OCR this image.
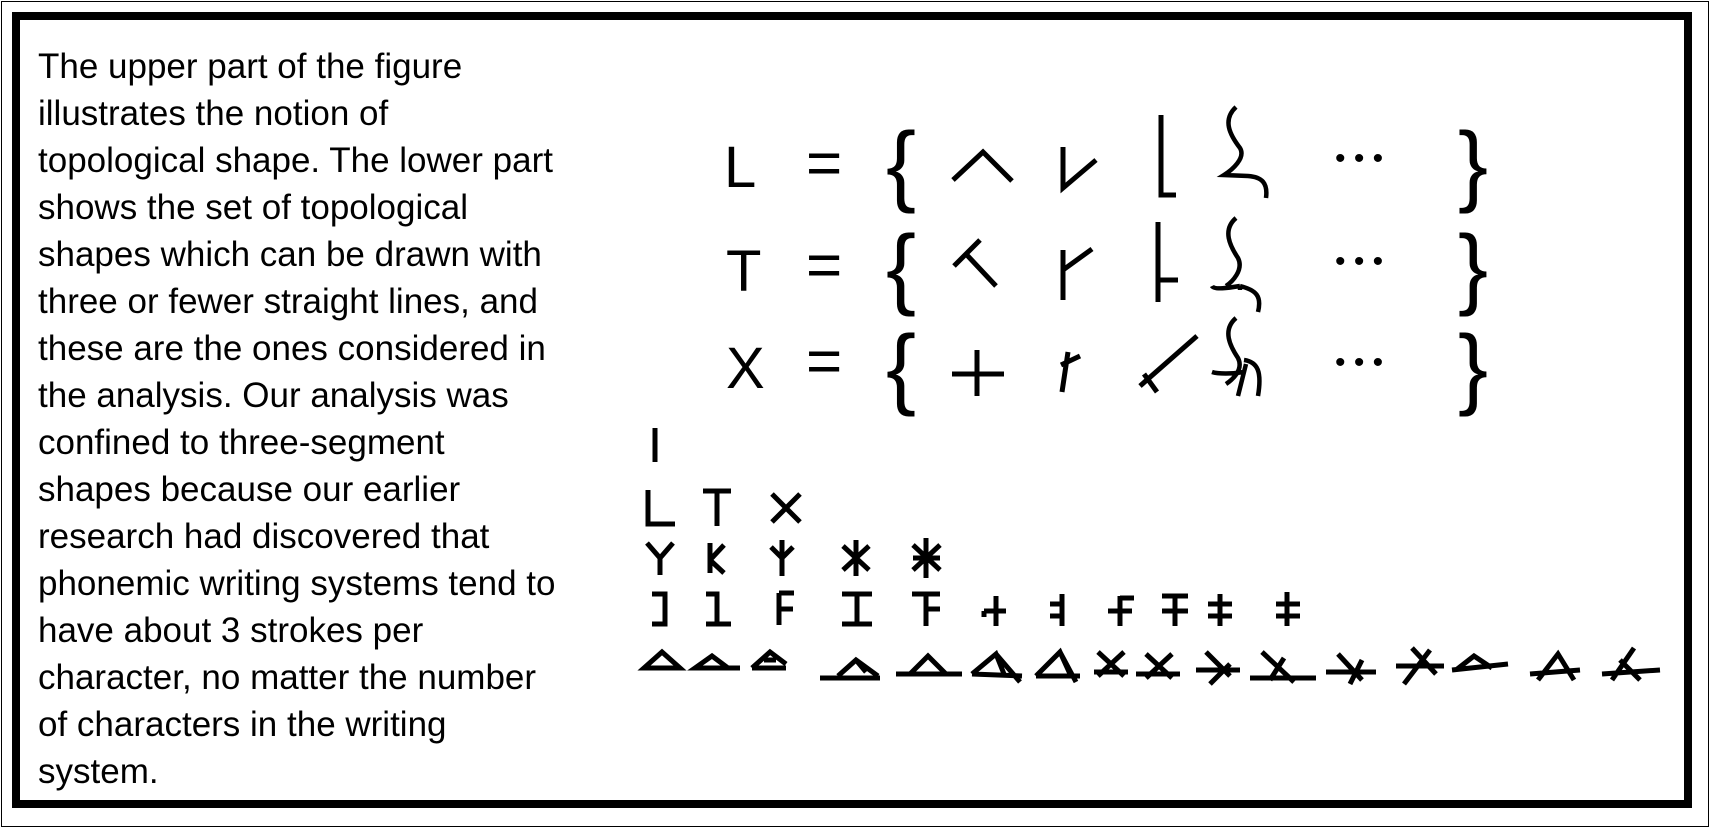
The upper part of the figure
illustrates the notion of
topological shape. The lower part
shows the set of topological
shapes which can be drawn with
three or fewer straight lines, and
these are the ones considered in
the analysis. Our analysis was
confined to three-segment
shapes because our earlier
research had discovered that
phonemic writing systems tend to
have about 3 strokes per
character, no matter the number
of characters in the writing
system.

L = {	• • • }
T = {	• • • }
X = {	• • • }
